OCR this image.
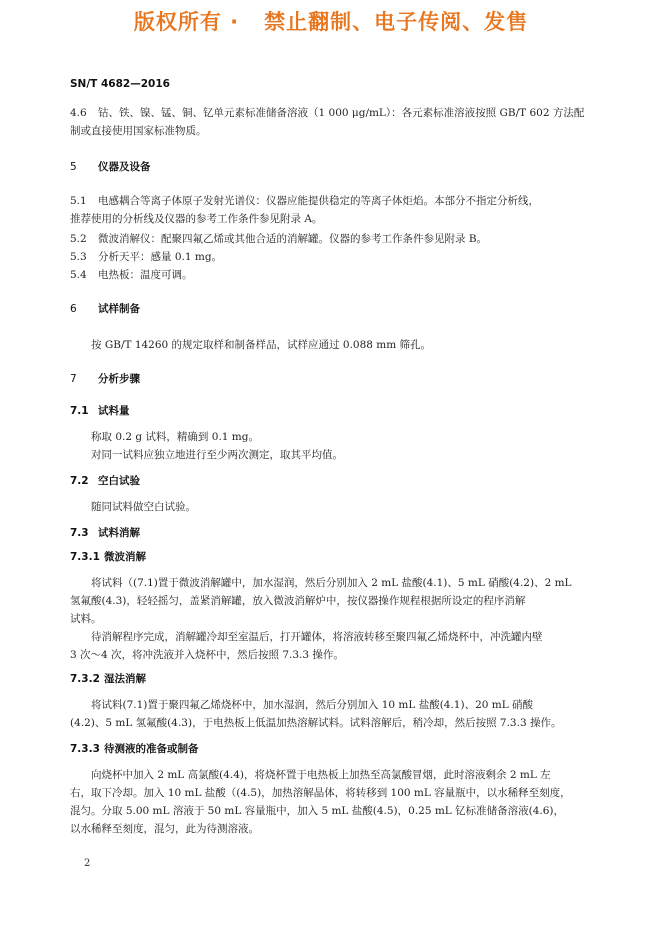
版权所有 ·   禁止翻制、电子传阅、发售
SN/T 4682—2016
4.6 钴、铁、镍、锰、铜、钇单元素标准储备溶液（1 000 μg/mL）：各元素标准溶液按照 GB/T 602 方法配
制或直接使用国家标准物质。
5 仪器及设备
5.1 电感耦合等离子体原子发射光谱仪：仪器应能提供稳定的等离子体炬焰。本部分不指定分析线，
推荐使用的分析线及仪器的参考工作条件参见附录 A。
5.2 微波消解仪：配聚四氟乙烯或其他合适的消解罐。仪器的参考工作条件参见附录 B。
5.3 分析天平：感量 0.1 mg。
5.4 电热板：温度可调。
6 试样制备
按 GB/T 14260 的规定取样和制备样品，试样应通过 0.088 mm 筛孔。
7 分析步骤
7.1 试料量
称取 0.2 g 试料，精确到 0.1 mg。
对同一试料应独立地进行至少两次测定，取其平均值。
7.2 空白试验
随同试料做空白试验。
7.3 试料消解
7.3.1 微波消解
将试料（(7.1)置于微波消解罐中，加水湿润，然后分别加入 2 mL 盐酸(4.1)、5 mL 硝酸(4.2)、2 mL
氢氟酸(4.3)，轻轻摇匀，盖紧消解罐，放入微波消解炉中，按仪器操作规程根据所设定的程序消解
试料。
待消解程序完成，消解罐冷却至室温后，打开罐体，将溶液转移至聚四氟乙烯烧杯中，冲洗罐内壁
3 次～4 次，将冲洗液并入烧杯中，然后按照 7.3.3 操作。
7.3.2 湿法消解
将试料(7.1)置于聚四氟乙烯烧杯中，加水湿润，然后分别加入 10 mL 盐酸(4.1)、20 mL 硝酸
(4.2)、5 mL 氢氟酸(4.3)，于电热板上低温加热溶解试料。试料溶解后，稍冷却，然后按照 7.3.3 操作。
7.3.3 待测液的准备或制备
向烧杯中加入 2 mL 高氯酸(4.4)，将烧杯置于电热板上加热至高氯酸冒烟，此时溶液剩余 2 mL 左
右，取下冷却。加入 10 mL 盐酸（(4.5)，加热溶解晶体，将转移到 100 mL 容量瓶中，以水稀释至刻度，
混匀。分取 5.00 mL 溶液于 50 mL 容量瓶中，加入 5 mL 盐酸(4.5)，0.25 mL 钇标准储备溶液(4.6)，
以水稀释至刻度，混匀，此为待测溶液。
2
